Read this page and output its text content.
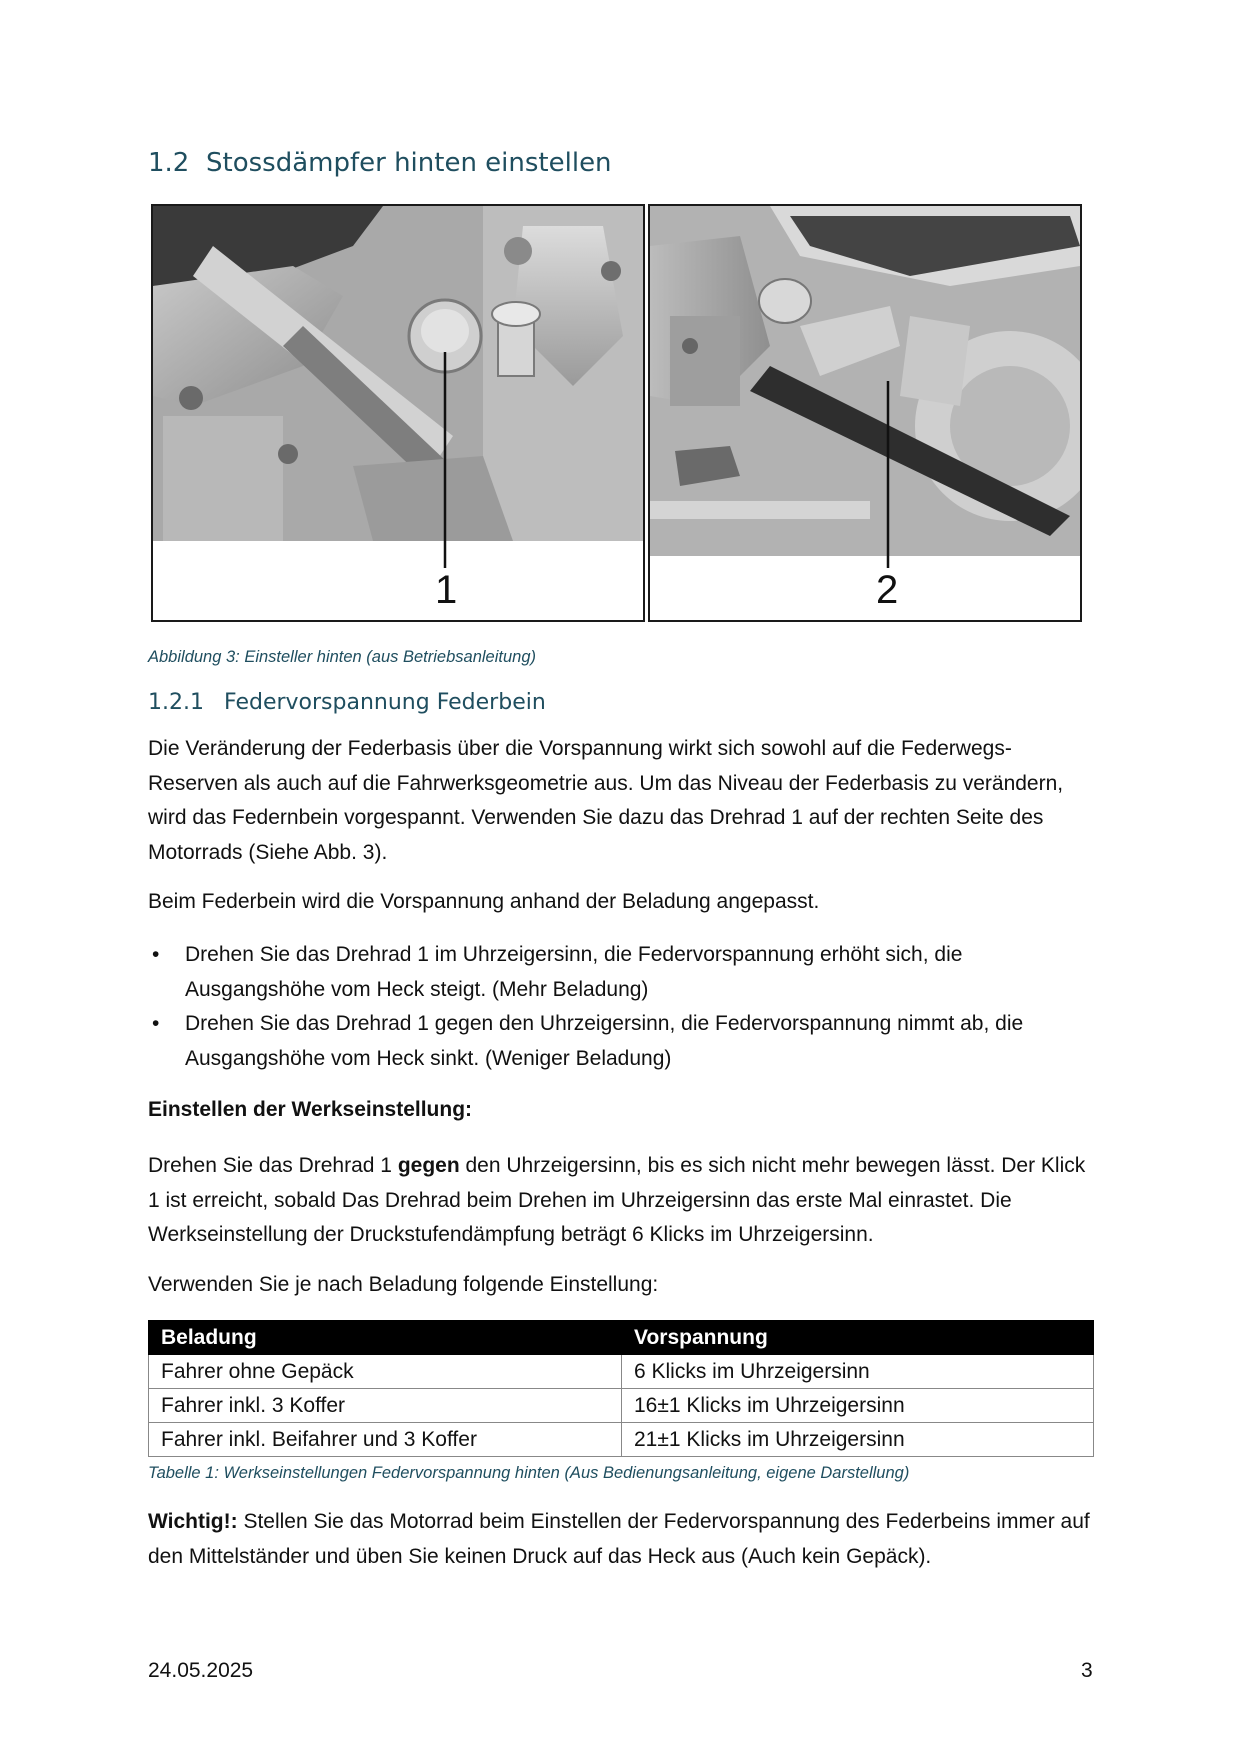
1.2 Stossdämpfer hinten einstellen
1	2

Abbildung 3: Einsteller hinten (aus Betriebsanleitung)

1.2.1 Federvorspannung Federbein

Die Veränderung der Federbasis über die Vorspannung wirkt sich sowohl auf die Federwegs-Reserven als auch auf die Fahrwerksgeometrie aus. Um das Niveau der Federbasis zu verändern, wird das Federnbein vorgespannt. Verwenden Sie dazu das Drehrad 1 auf der rechten Seite des Motorrads (Siehe Abb. 3).

Beim Federbein wird die Vorspannung anhand der Beladung angepasst.

• Drehen Sie das Drehrad 1 im Uhrzeigersinn, die Federvorspannung erhöht sich, die Ausgangshöhe vom Heck steigt. (Mehr Beladung)
• Drehen Sie das Drehrad 1 gegen den Uhrzeigersinn, die Federvorspannung nimmt ab, die Ausgangshöhe vom Heck sinkt. (Weniger Beladung)

Einstellen der Werkseinstellung:

Drehen Sie das Drehrad 1 gegen den Uhrzeigersinn, bis es sich nicht mehr bewegen lässt. Der Klick 1 ist erreicht, sobald Das Drehrad beim Drehen im Uhrzeigersinn das erste Mal einrastet. Die Werkseinstellung der Druckstufendämpfung beträgt 6 Klicks im Uhrzeigersinn.

Verwenden Sie je nach Beladung folgende Einstellung:

Beladung	Vorspannung
Fahrer ohne Gepäck	6 Klicks im Uhrzeigersinn
Fahrer inkl. 3 Koffer	16±1 Klicks im Uhrzeigersinn
Fahrer inkl. Beifahrer und 3 Koffer	21±1 Klicks im Uhrzeigersinn

Tabelle 1: Werkseinstellungen Federvorspannung hinten (Aus Bedienungsanleitung, eigene Darstellung)

Wichtig!: Stellen Sie das Motorrad beim Einstellen der Federvorspannung des Federbeins immer auf den Mittelständer und üben Sie keinen Druck auf das Heck aus (Auch kein Gepäck).

24.05.2025	3
